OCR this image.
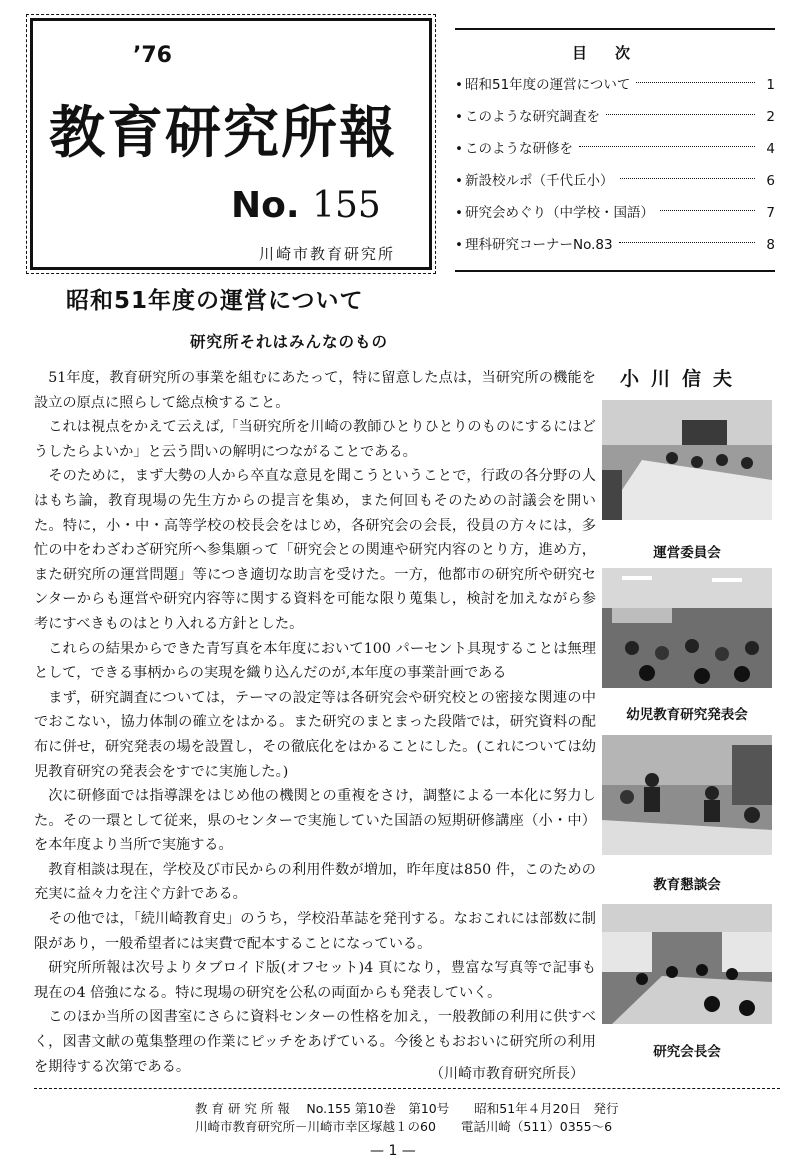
’76
教育研究所報
No. 155
川崎市教育研究所
目次
• 昭和51年度の運営について	1
• このような研究調査を	2
• このような研修を	4
• 新設校ルポ（千代丘小）	6
• 研究会めぐり（中学校・国語）	7
• 理科研究コーナーNo.83	8
昭和51年度の運営について
研究所それはみんなのもの
小川信夫

51年度，教育研究所の事業を組むにあたって，特に留意した点は，当研究所の機能を設立の原点に照らして総点検すること。

これは視点をかえて云えば,「当研究所を川崎の教師ひとりひとりのものにするにはどうしたらよいか」と云う問いの解明につながることである。

そのために，まず大勢の人から卒直な意見を聞こうということで，行政の各分野の人はもち論，教育現場の先生方からの提言を集め，また何回もそのための討議会を開いた。特に，小・中・高等学校の校長会をはじめ，各研究会の会長，役員の方々には，多忙の中をわざわざ研究所へ参集願って「研究会との関連や研究内容のとり方，進め方，また研究所の運営問題」等につき適切な助言を受けた。一方，他都市の研究所や研究センターからも運営や研究内容等に関する資料を可能な限り蒐集し，検討を加えながら参考にすべきものはとり入れる方針とした。

これらの結果からできた青写真を本年度において100 パーセント具現することは無理として，できる事柄からの実現を織り込んだのが,本年度の事業計画である

まず，研究調査については，テーマの設定等は各研究会や研究校との密接な関連の中でおこない，協力体制の確立をはかる。また研究のまとまった段階では，研究資料の配布に併せ，研究発表の場を設置し，その徹底化をはかることにした。(これについては幼児教育研究の発表会をすでに実施した。)

次に研修面では指導課をはじめ他の機関との重複をさけ，調整による一本化に努力した。その一環として従来，県のセンターで実施していた国語の短期研修講座（小・中）を本年度より当所で実施する。

教育相談は現在，学校及び市民からの利用件数が増加，昨年度は850 件，このための充実に益々力を注ぐ方針である。

その他では，「続川崎教育史」のうち，学校沿革誌を発刊する。なおこれには部数に制限があり，一般希望者には実費で配本することになっている。

研究所所報は次号よりタブロイド版(オフセット)4 頁になり，豊富な写真等で記事も現在の4 倍強になる。特に現場の研究を公私の両面からも発表していく。

このほか当所の図書室にさらに資料センターの性格を加え，一般教師の利用に供すべく，図書文献の蒐集整理の作業にピッチをあげている。今後ともおおいに研究所の利用を期待する次第である。	（川崎市教育研究所長）
運営委員会
幼児教育研究発表会
教育懇談会
研究会長会
教 育 研 究 所 報　 No.155 第10巻　第10号　　昭和51年４月20日　発行
川崎市教育研究所－川崎市幸区塚越１の60　　電話川崎（511）0355～6
— 1 —
